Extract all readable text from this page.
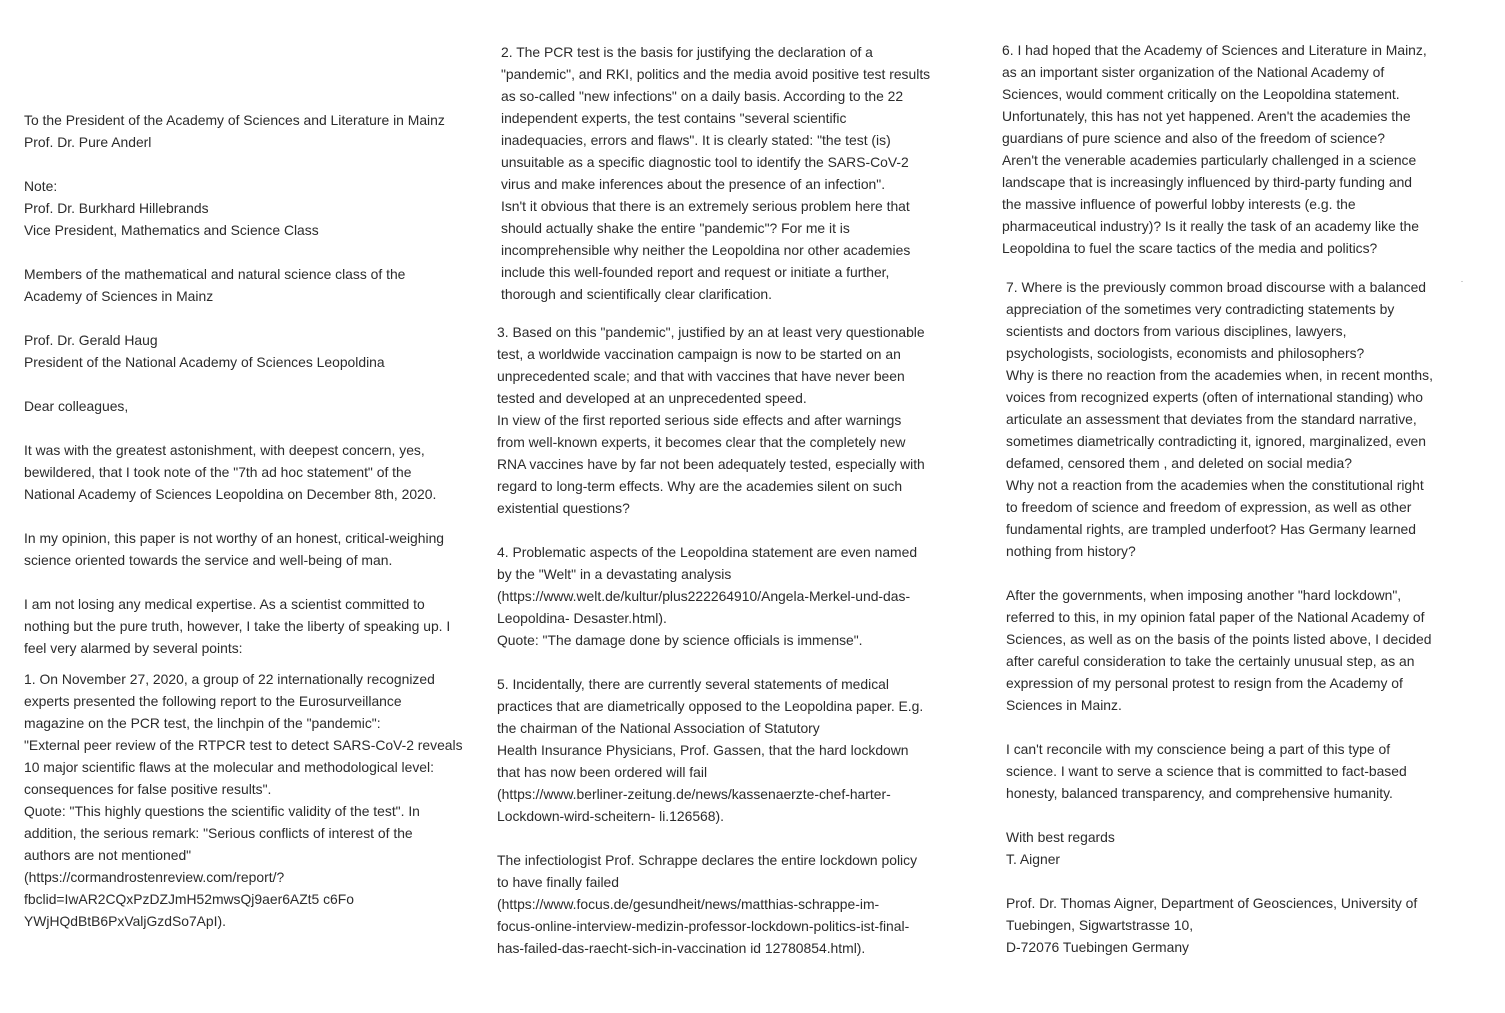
To the President of the Academy of Sciences and Literature in Mainz
Prof. Dr. Pure Anderl
Note:
Prof. Dr. Burkhard Hillebrands
Vice President, Mathematics and Science Class
Members of the mathematical and natural science class of the
Academy of Sciences in Mainz
Prof. Dr. Gerald Haug
President of the National Academy of Sciences Leopoldina
Dear colleagues,
It was with the greatest astonishment, with deepest concern, yes,
bewildered, that I took note of the "7th ad hoc statement" of the
National Academy of Sciences Leopoldina on December 8th, 2020.
In my opinion, this paper is not worthy of an honest, critical-weighing
science oriented towards the service and well-being of man.
I am not losing any medical expertise. As a scientist committed to
nothing but the pure truth, however, I take the liberty of speaking up. I
feel very alarmed by several points:
1. On November 27, 2020, a group of 22 internationally recognized
experts presented the following report to the Eurosurveillance
magazine on the PCR test, the linchpin of the "pandemic":
"External peer review of the RTPCR test to detect SARS-CoV-2 reveals
10 major scientific flaws at the molecular and methodological level:
consequences for false positive results".
Quote: "This highly questions the scientific validity of the test". In
addition, the serious remark: "Serious conflicts of interest of the
authors are not mentioned"
(https://cormandrostenreview.com/report/?
fbclid=IwAR2CQxPzDZJmH52mwsQj9aer6AZt5 c6Fo
YWjHQdBtB6PxValjGzdSo7ApI).
2. The PCR test is the basis for justifying the declaration of a
"pandemic", and RKI, politics and the media avoid positive test results
as so-called "new infections" on a daily basis. According to the 22
independent experts, the test contains "several scientific
inadequacies, errors and flaws". It is clearly stated: "the test (is)
unsuitable as a specific diagnostic tool to identify the SARS-CoV-2
virus and make inferences about the presence of an infection".
Isn't it obvious that there is an extremely serious problem here that
should actually shake the entire "pandemic"? For me it is
incomprehensible why neither the Leopoldina nor other academies
include this well-founded report and request or initiate a further,
thorough and scientifically clear clarification.
3. Based on this "pandemic", justified by an at least very questionable
test, a worldwide vaccination campaign is now to be started on an
unprecedented scale; and that with vaccines that have never been
tested and developed at an unprecedented speed.
In view of the first reported serious side effects and after warnings
from well-known experts, it becomes clear that the completely new
RNA vaccines have by far not been adequately tested, especially with
regard to long-term effects. Why are the academies silent on such
existential questions?
4. Problematic aspects of the Leopoldina statement are even named
by the "Welt" in a devastating analysis
(https://www.welt.de/kultur/plus222264910/Angela-Merkel-und-das-
Leopoldina- Desaster.html).
Quote: "The damage done by science officials is immense".
5. Incidentally, there are currently several statements of medical
practices that are diametrically opposed to the Leopoldina paper. E.g.
the chairman of the National Association of Statutory
Health Insurance Physicians, Prof. Gassen, that the hard lockdown
that has now been ordered will fail
(https://www.berliner-zeitung.de/news/kassenaerzte-chef-harter-
Lockdown-wird-scheitern- li.126568).
The infectiologist Prof. Schrappe declares the entire lockdown policy
to have finally failed
(https://www.focus.de/gesundheit/news/matthias-schrappe-im-
focus-online-interview-medizin-professor-lockdown-politics-ist-final-
has-failed-das-raecht-sich-in-vaccination id 12780854.html).
6. I had hoped that the Academy of Sciences and Literature in Mainz,
as an important sister organization of the National Academy of
Sciences, would comment critically on the Leopoldina statement.
Unfortunately, this has not yet happened. Aren't the academies the
guardians of pure science and also of the freedom of science?
Aren't the venerable academies particularly challenged in a science
landscape that is increasingly influenced by third-party funding and
the massive influence of powerful lobby interests (e.g. the
pharmaceutical industry)? Is it really the task of an academy like the
Leopoldina to fuel the scare tactics of the media and politics?
7. Where is the previously common broad discourse with a balanced
appreciation of the sometimes very contradicting statements by
scientists and doctors from various disciplines, lawyers,
psychologists, sociologists, economists and philosophers?
Why is there no reaction from the academies when, in recent months,
voices from recognized experts (often of international standing) who
articulate an assessment that deviates from the standard narrative,
sometimes diametrically contradicting it, ignored, marginalized, even
defamed, censored them , and deleted on social media?
Why not a reaction from the academies when the constitutional right
to freedom of science and freedom of expression, as well as other
fundamental rights, are trampled underfoot? Has Germany learned
nothing from history?
After the governments, when imposing another "hard lockdown",
referred to this, in my opinion fatal paper of the National Academy of
Sciences, as well as on the basis of the points listed above, I decided
after careful consideration to take the certainly unusual step, as an
expression of my personal protest to resign from the Academy of
Sciences in Mainz.
I can't reconcile with my conscience being a part of this type of
science. I want to serve a science that is committed to fact-based
honesty, balanced transparency, and comprehensive humanity.
With best regards
T. Aigner
Prof. Dr. Thomas Aigner, Department of Geosciences, University of
Tuebingen, Sigwartstrasse 10,
D-72076 Tuebingen Germany
